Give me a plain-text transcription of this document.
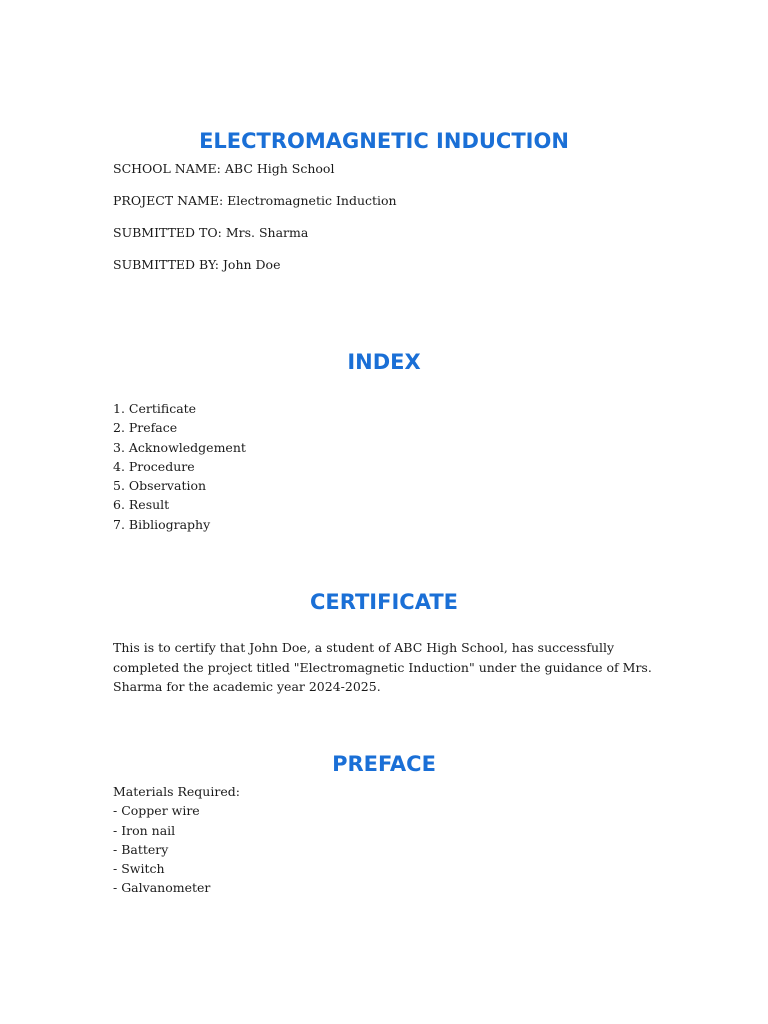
ELECTROMAGNETIC INDUCTION

SCHOOL NAME: ABC High School

PROJECT NAME: Electromagnetic Induction

SUBMITTED TO: Mrs. Sharma

SUBMITTED BY: John Doe

INDEX
1. Certificate
2. Preface
3. Acknowledgement
4. Procedure
5. Observation
6. Result
7. Bibliography
CERTIFICATE

This is to certify that John Doe, a student of ABC High School, has successfully completed the project titled "Electromagnetic Induction" under the guidance of Mrs. Sharma for the academic year 2024-2025.

PREFACE
Materials Required:
- Copper wire
- Iron nail
- Battery
- Switch
- Galvanometer
